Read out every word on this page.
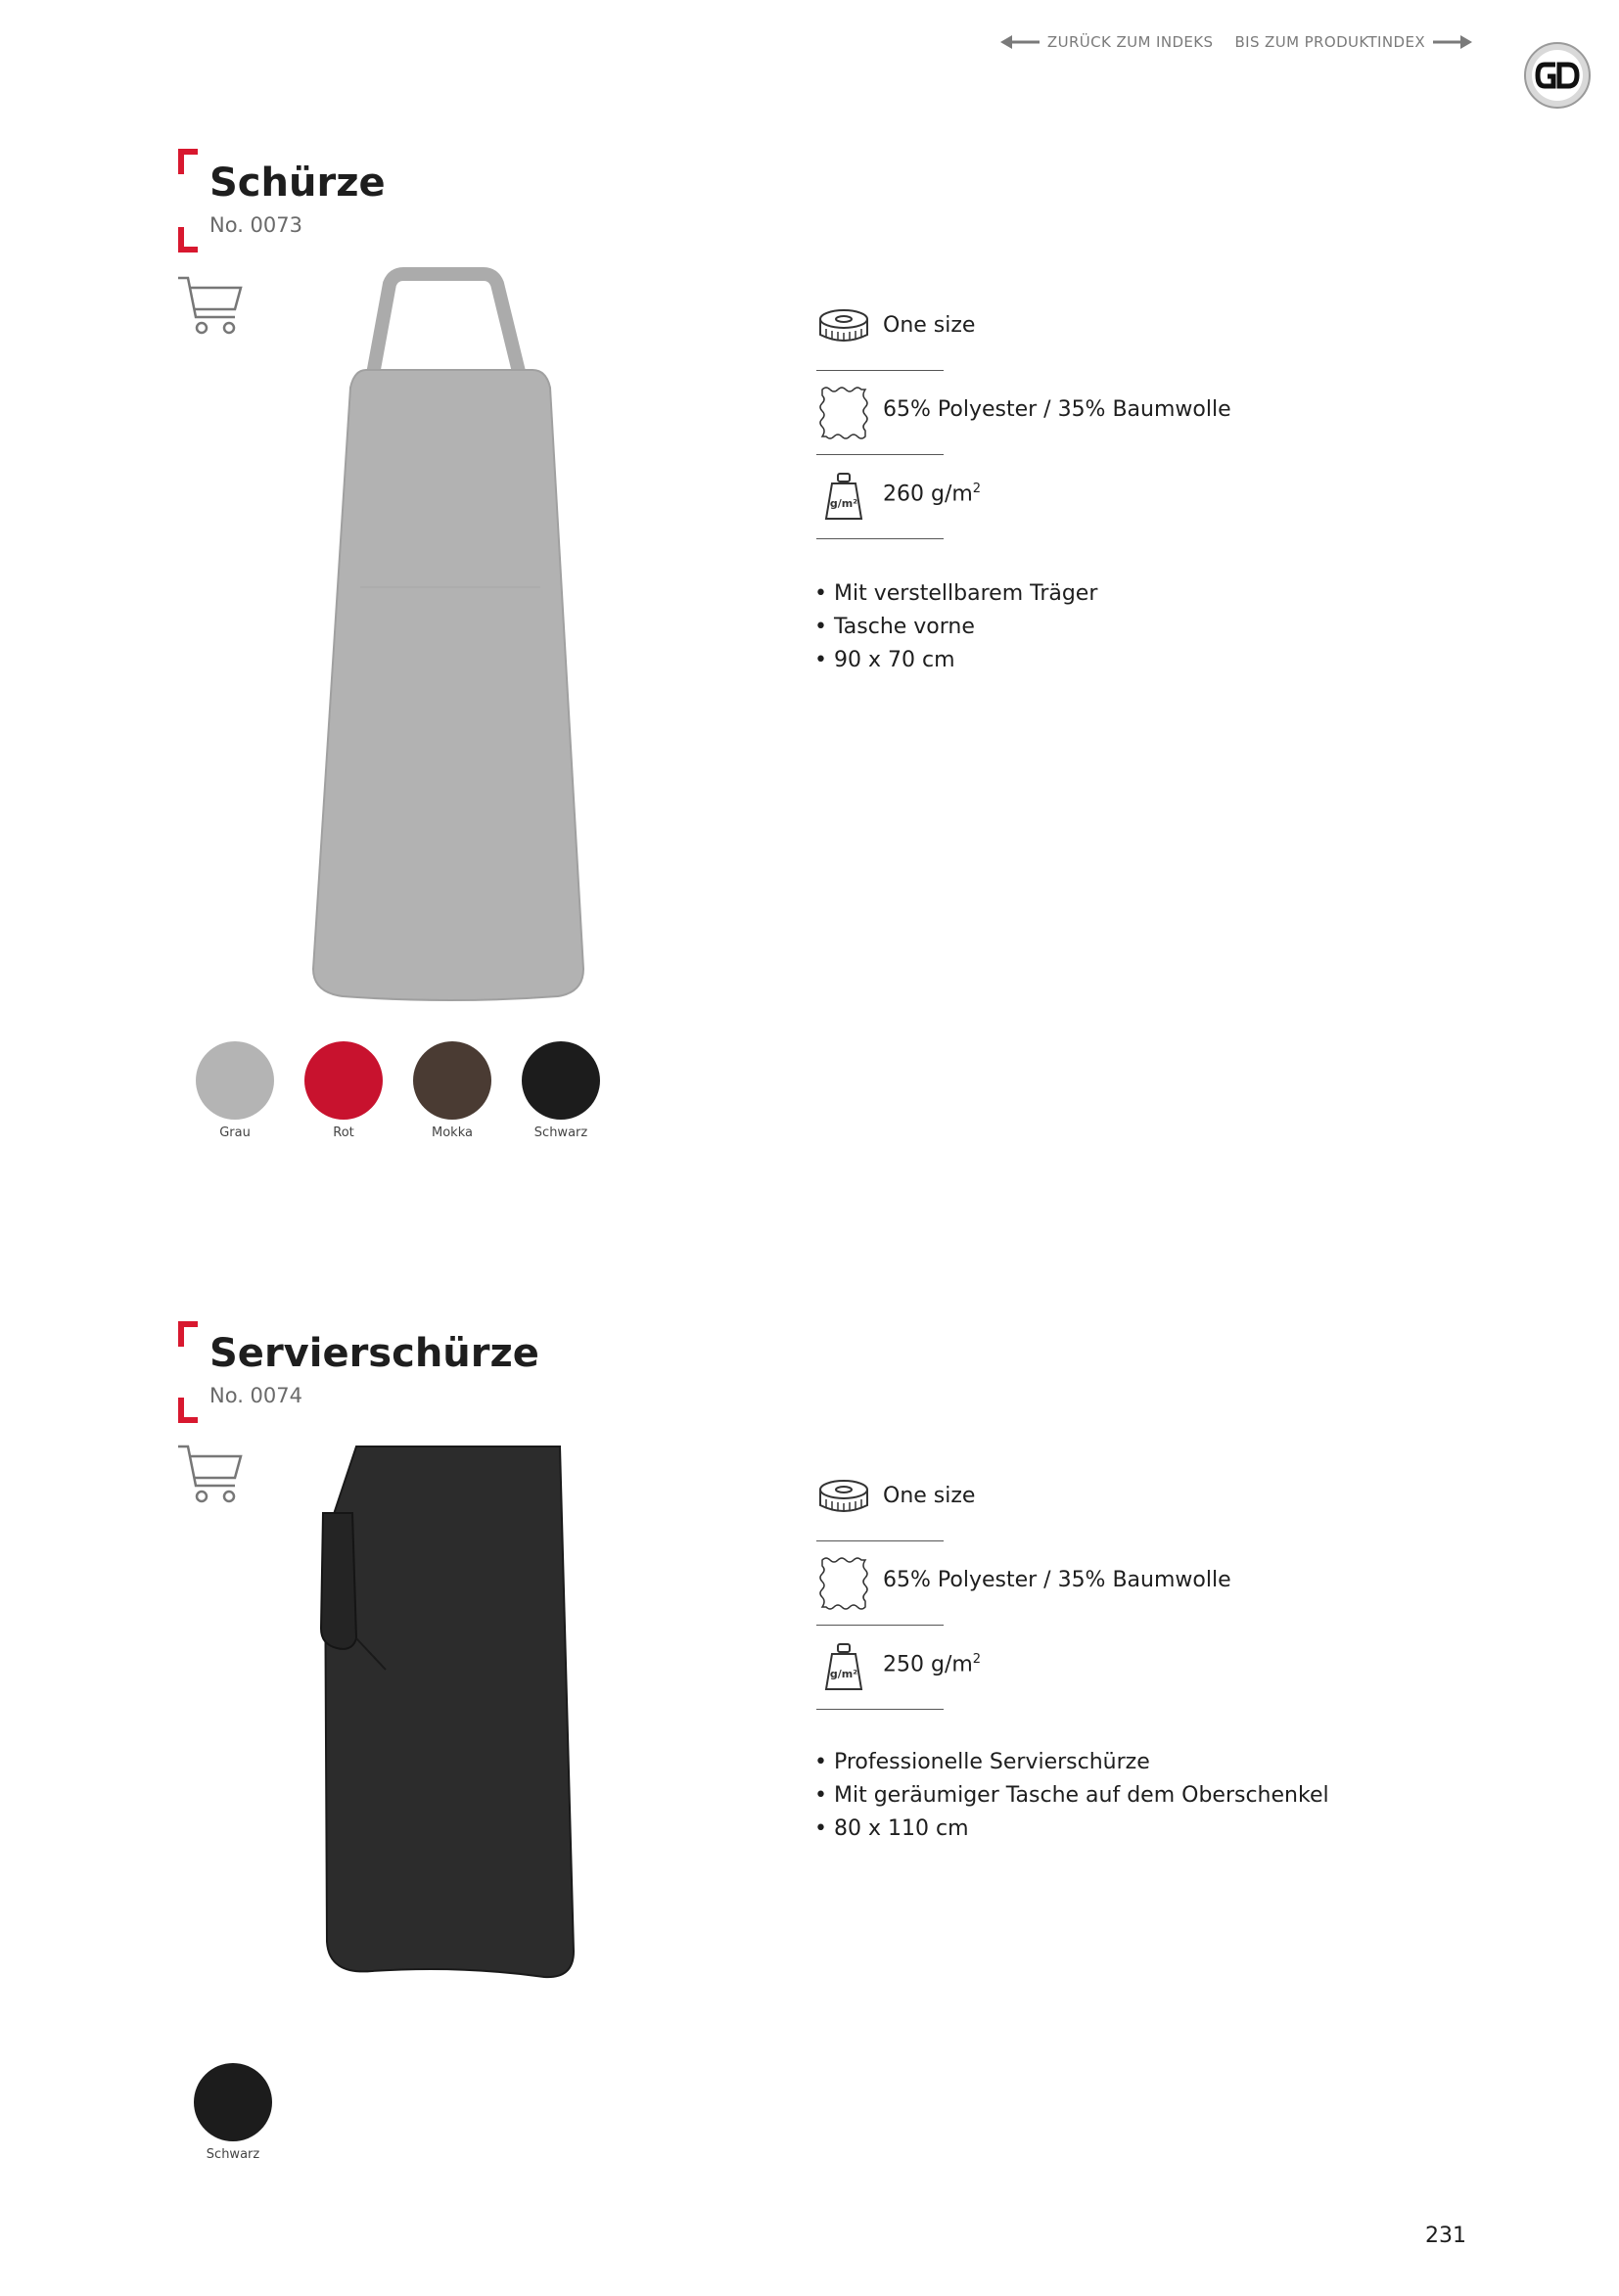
ZURÜCK ZUM INDEKS BIS ZUM PRODUKTINDEX
Schürze
No. 0073
One size
65% Polyester / 35% Baumwolle
g/m² 260 $g/m^2$
• Mit verstellbarem Träger
• Tasche vorne
• 90 x 70 cm
Grau	Rot	Mokka	Schwarz
Servierschürze
No. 0074
One size
65% Polyester / 35% Baumwolle
g/m² 250 $g/m^2$
• Professionelle Servierschürze
• Mit geräumiger Tasche auf dem Oberschenkel
• 80 x 110 cm
Schwarz
231
